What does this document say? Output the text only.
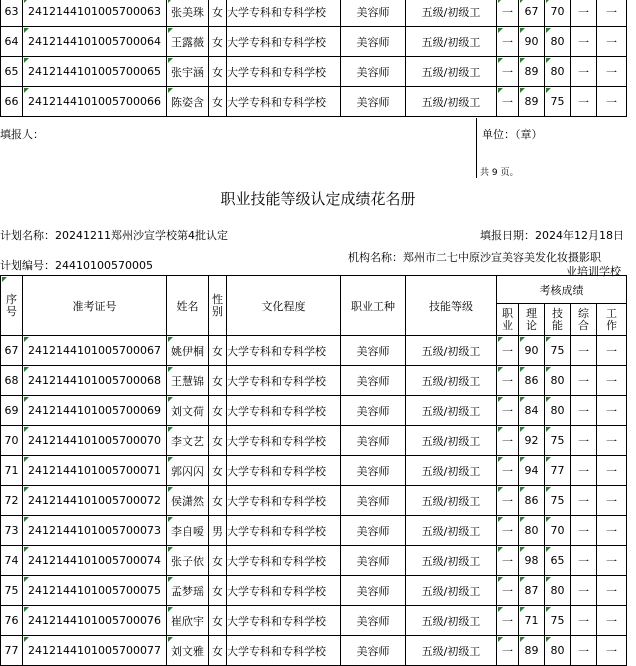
63	2412144101005700063	张美珠	女	大学专科和专科学校	美容师	五级/初级工	一	67	70	一	一
64	2412144101005700064	王露薇	女	大学专科和专科学校	美容师	五级/初级工	一	90	80	一	一
65	2412144101005700065	张宇涵	女	大学专科和专科学校	美容师	五级/初级工	一	89	80	一	一
66	2412144101005700066	陈姿含	女	大学专科和专科学校	美容师	五级/初级工	一	89	75	一	一
填报人：	单位：（章）
共 9 页。
职业技能等级认定成绩花名册
计划名称：20241211郑州沙宣学校第4批认定	填报日期：2024年12月18日
计划编号：24410100570005
机构名称：郑州市二七中原沙宣美容美发化妆摄影职
业培训学校
序号	准考证号	姓名	性别	文化程度	职业工种	技能等级	考核成绩				
							职业	理论	技能	综合	工作
67	2412144101005700067	姚伊桐	女	大学专科和专科学校	美容师	五级/初级工	一	90	75	一	一
68	2412144101005700068	王慧锦	女	大学专科和专科学校	美容师	五级/初级工	一	86	80	一	一
69	2412144101005700069	刘文荷	女	大学专科和专科学校	美容师	五级/初级工	一	84	80	一	一
70	2412144101005700070	李文艺	女	大学专科和专科学校	美容师	五级/初级工	一	92	75	一	一
71	2412144101005700071	郭闪闪	女	大学专科和专科学校	美容师	五级/初级工	一	94	77	一	一
72	2412144101005700072	侯潇然	女	大学专科和专科学校	美容师	五级/初级工	一	86	75	一	一
73	2412144101005700073	李自嗳	男	大学专科和专科学校	美容师	五级/初级工	一	80	70	一	一
74	2412144101005700074	张子依	女	大学专科和专科学校	美容师	五级/初级工	一	98	65	一	一
75	2412144101005700075	孟梦瑶	女	大学专科和专科学校	美容师	五级/初级工	一	87	80	一	一
76	2412144101005700076	崔欣宇	女	大学专科和专科学校	美容师	五级/初级工	一	71	75	一	一
77	2412144101005700077	刘文雅	女	大学专科和专科学校	美容师	五级/初级工	一	89	80	一	一
